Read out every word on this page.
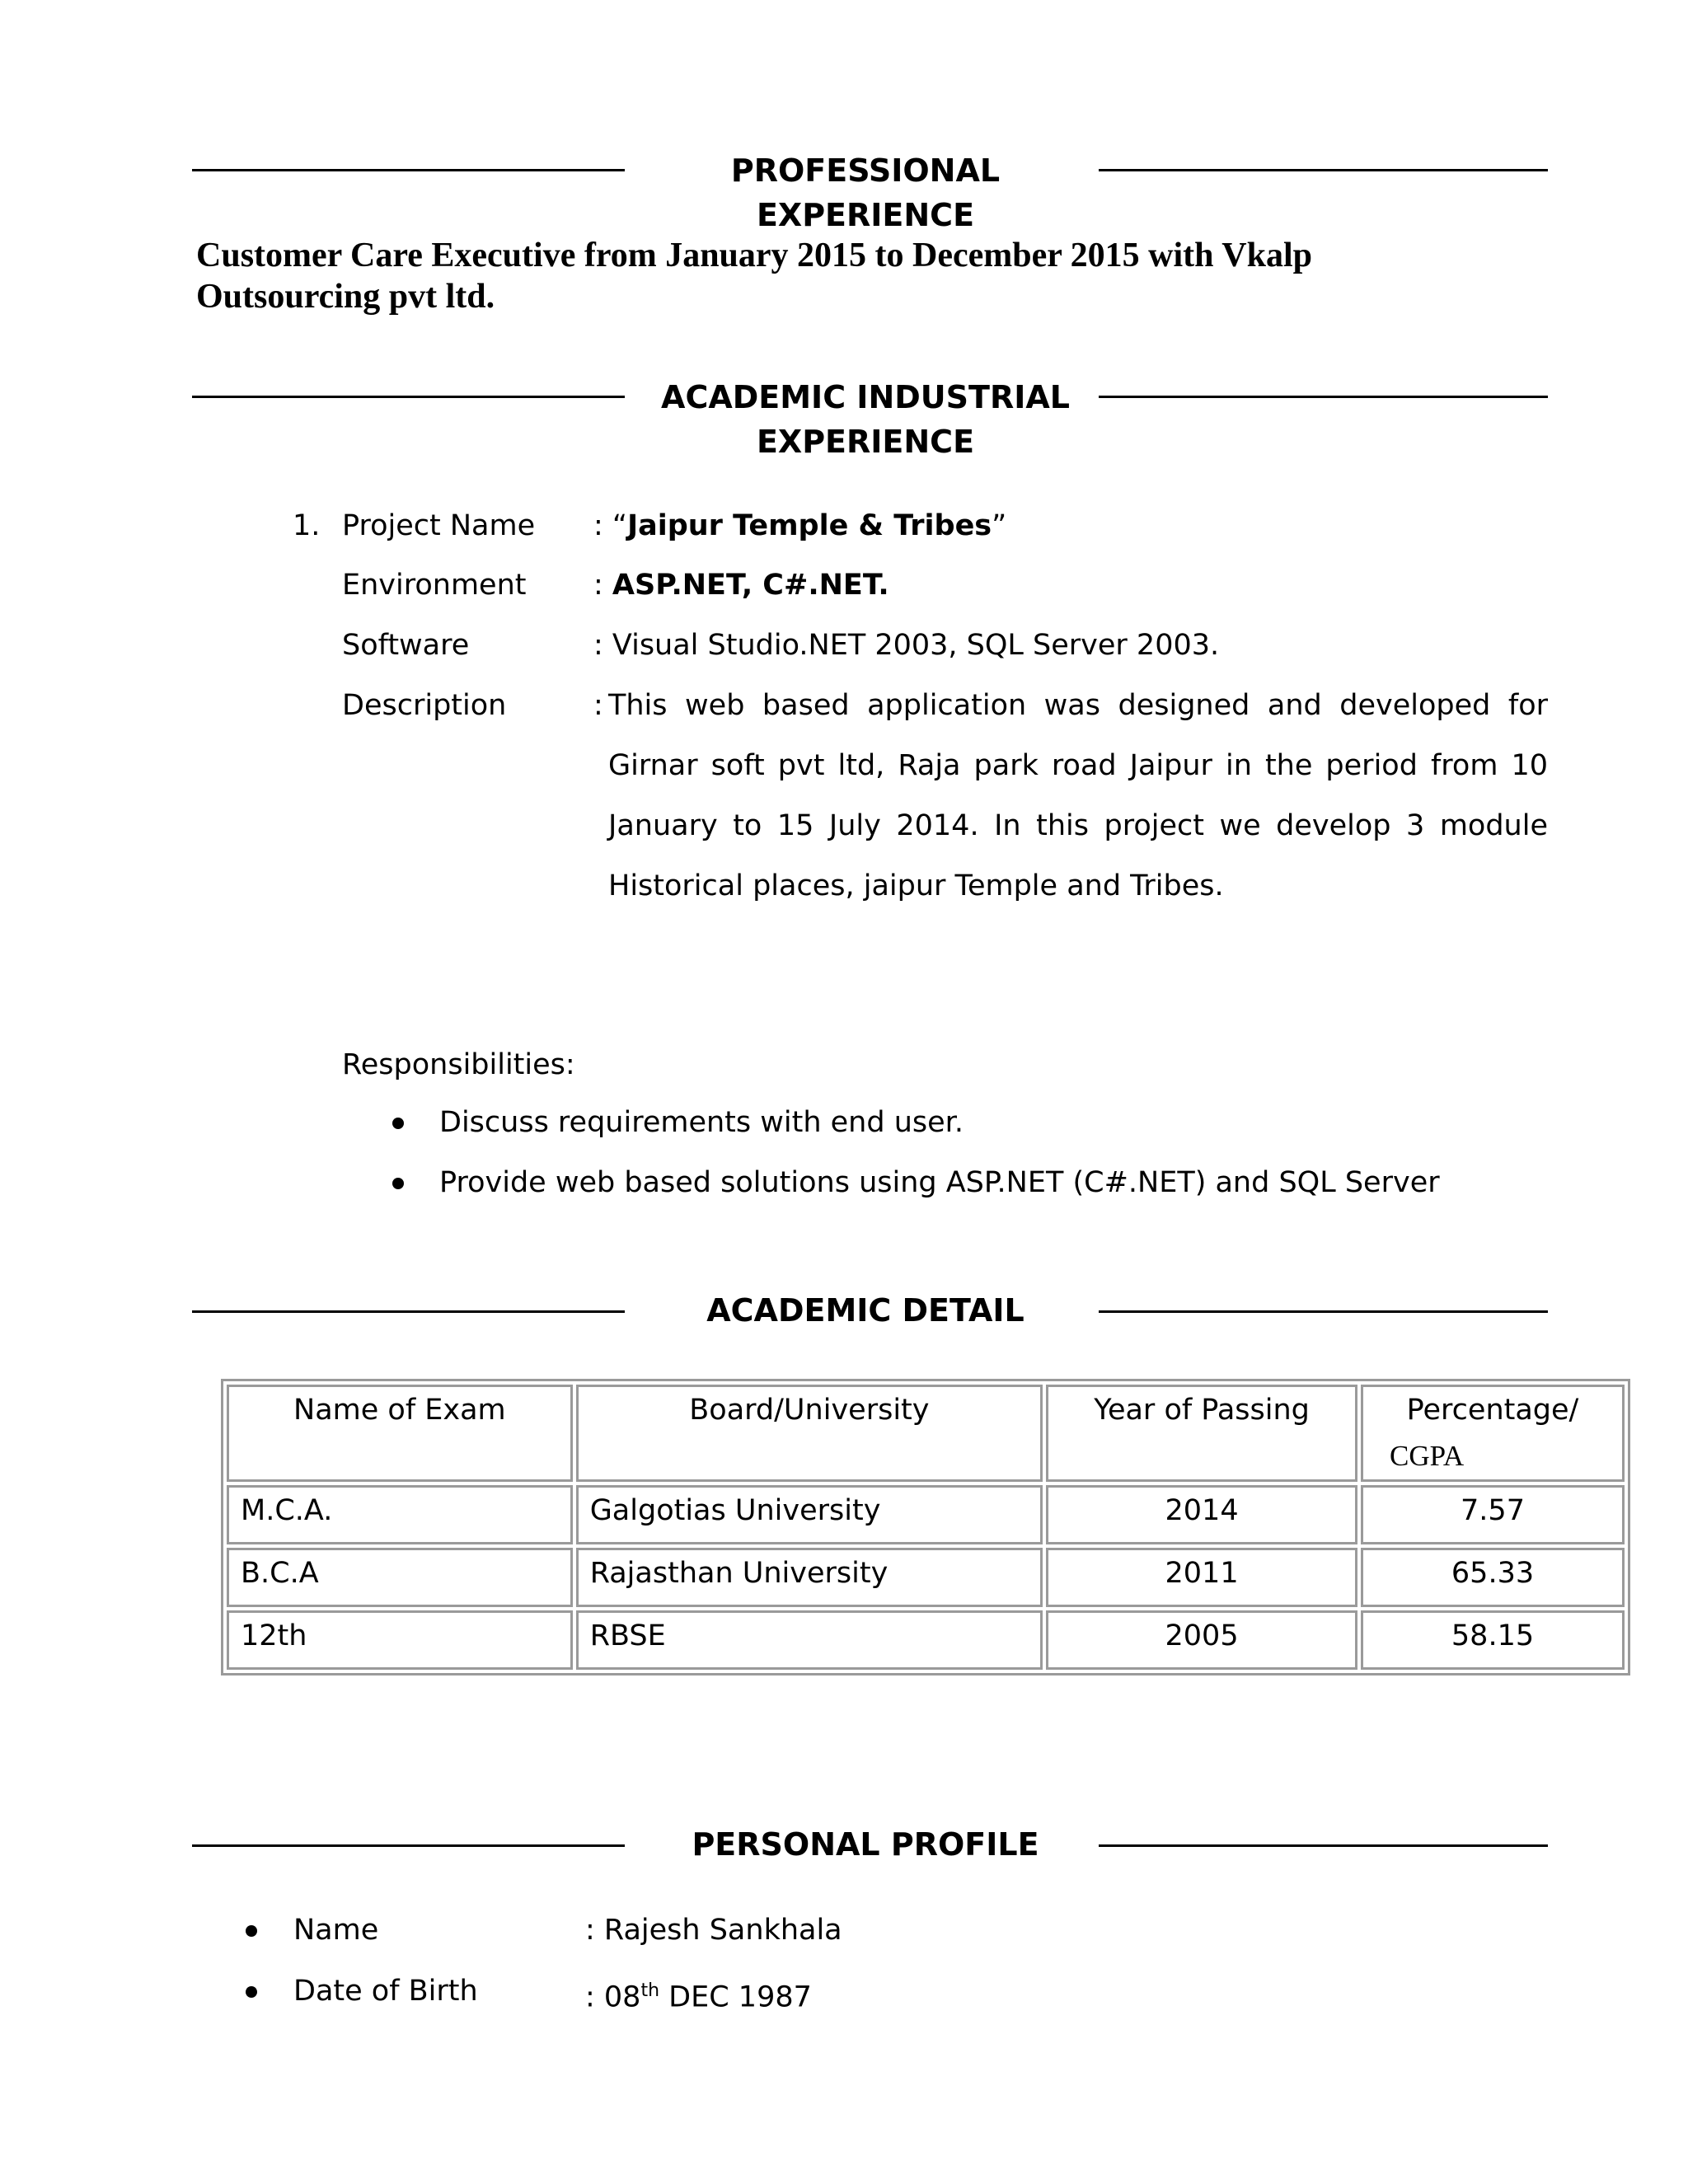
PROFESSIONAL
EXPERIENCE
Customer Care Executive from January 2015 to December 2015 with Vkalp
Outsourcing pvt ltd.
ACADEMIC INDUSTRIAL
EXPERIENCE
1. Project Name : “Jaipur Temple & Tribes”
Environment : ASP.NET, C#.NET.
Software	: Visual Studio.NET 2003, SQL Server 2003.
Description	: This web based application was designed and developed for Girnar soft pvt ltd, Raja park road Jaipur in the period from 10 January to 15 July 2014. In this project we develop 3 module Historical places, jaipur Temple and Tribes.
Responsibilities:
Discuss requirements with end user.
Provide web based solutions using ASP.NET (C#.NET) and SQL Server
ACADEMIC DETAIL
Name of Exam	Board/University	Year of Passing	Percentage/
CGPA

M.C.A.	Galgotias University	2014	7.57
B.C.A	Rajasthan University	2011	65.33
12th	RBSE	2005	58.15
PERSONAL PROFILE
Name	: Rajesh Sankhala
Date of Birth	: 08th DEC 1987
